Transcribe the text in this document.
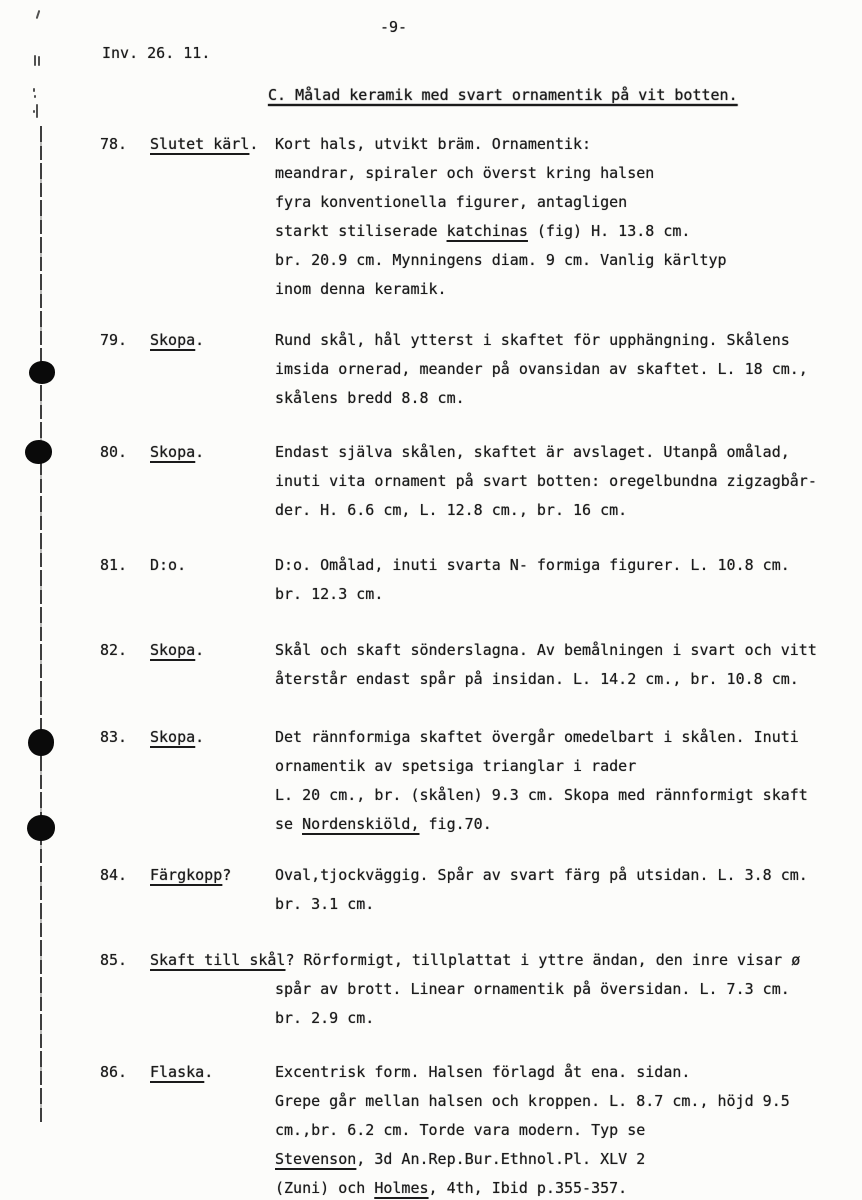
-9-
Inv. 26. 11.
C. Målad keramik med svart ornamentik på vit botten.
78. Slutet kärl. Kort hals, utvikt bräm. Ornamentik:
meandrar, spiraler och överst kring halsen
fyra konventionella figurer, antagligen
starkt stiliserade katchinas (fig) H. 13.8 cm.
br. 20.9 cm. Mynningens diam. 9 cm. Vanlig kärltyp
inom denna keramik.
79. Skopa.	Rund skål, hål ytterst i skaftet för upphängning. Skålens
imsida ornerad, meander på ovansidan av skaftet. L. 18 cm.,
skålens bredd 8.8 cm.
80. Skopa.	Endast själva skålen, skaftet är avslaget. Utanpå omålad,
inuti vita ornament på svart botten: oregelbundna zigzagbår-
der. H. 6.6 cm, L. 12.8 cm., br. 16 cm.
81. D:o.	D:o. Omålad, inuti svarta N- formiga figurer. L. 10.8 cm.
br. 12.3 cm.
82. Skopa.	Skål och skaft sönderslagna. Av bemålningen i svart och vitt
återstår endast spår på insidan. L. 14.2 cm., br. 10.8 cm.
83. Skopa.	Det rännformiga skaftet övergår omedelbart i skålen. Inuti
ornamentik av spetsiga trianglar i rader
L. 20 cm., br. (skålen) 9.3 cm. Skopa med rännformigt skaft
se Nordenskiöld, fig.70.
84. Färgkopp?	Oval,tjockväggig. Spår av svart färg på utsidan. L. 3.8 cm.
br. 3.1 cm.
85. Skaft till skål? Rörformigt, tillplattat i yttre ändan, den inre visar ø
spår av brott. Linear ornamentik på översidan. L. 7.3 cm.
br. 2.9 cm.
86. Flaska.	Excentrisk form. Halsen förlagd åt ena. sidan.
Grepe går mellan halsen och kroppen. L. 8.7 cm., höjd 9.5
cm.,br. 6.2 cm. Torde vara modern. Typ se
Stevenson, 3d An.Rep.Bur.Ethnol.Pl. XLV 2
(Zuni) och Holmes, 4th, Ibid p.355-357.
